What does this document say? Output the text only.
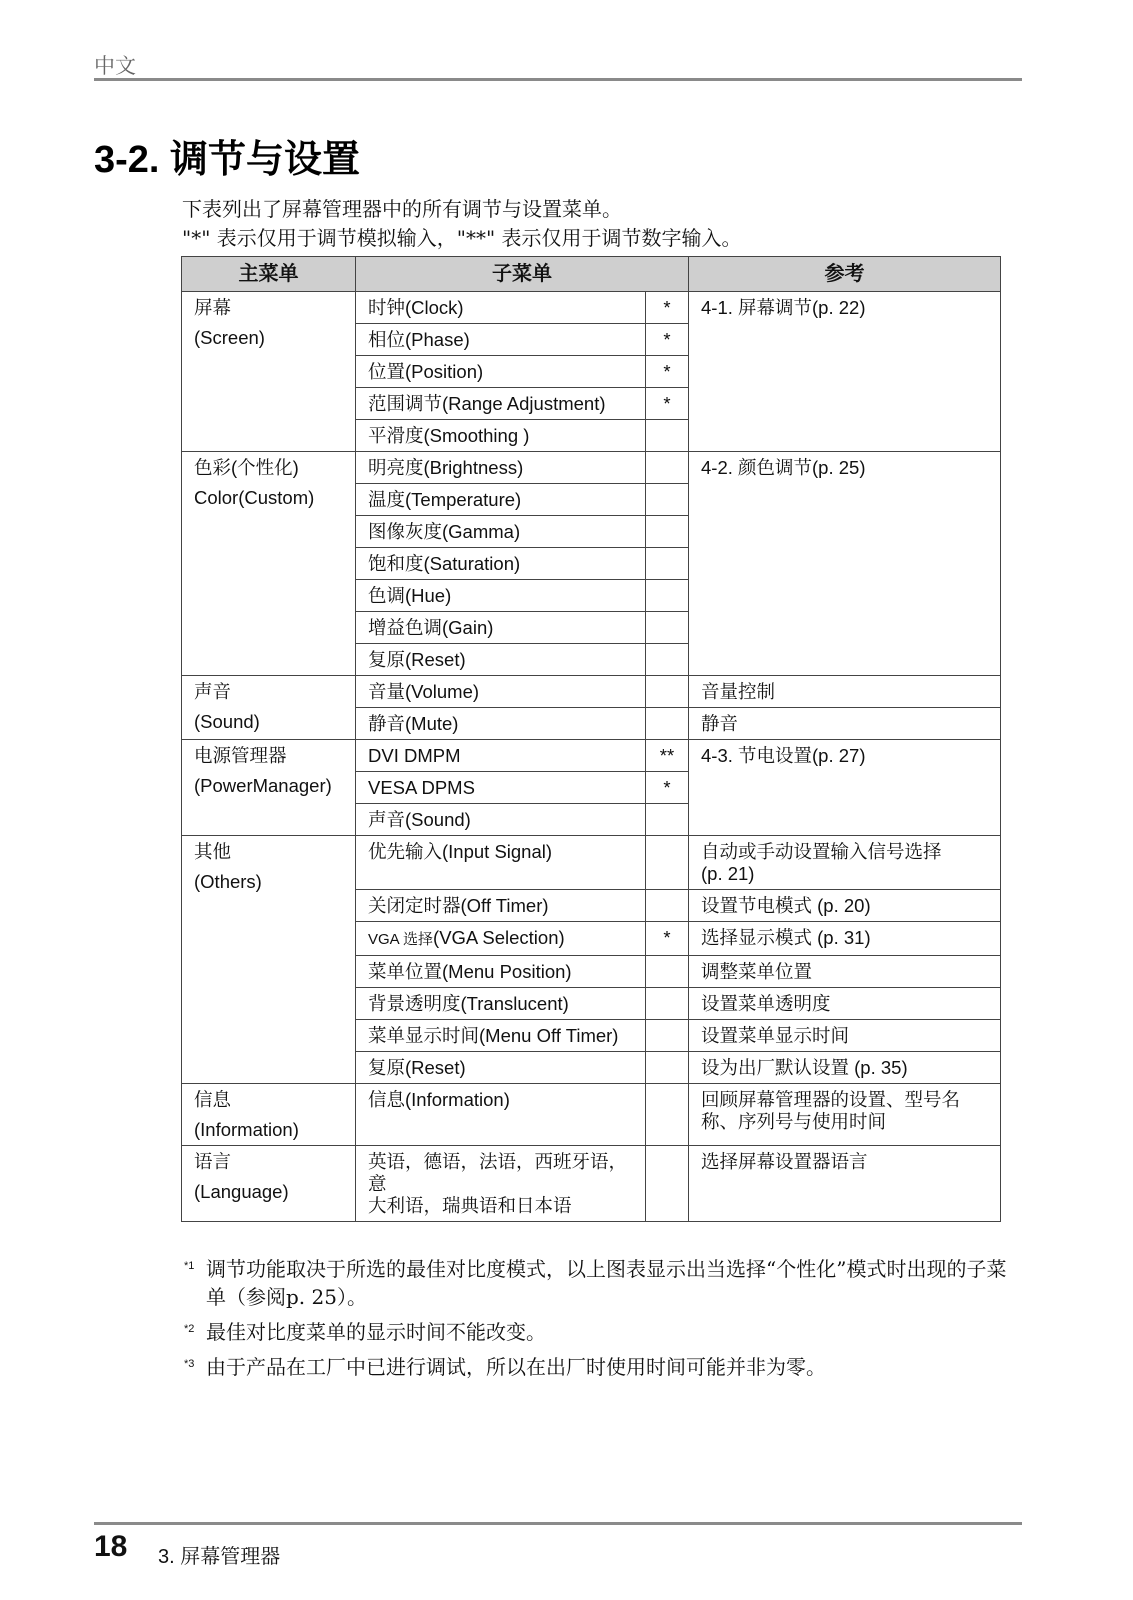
中文
3-2. 调节与设置
下表列出了屏幕管理器中的所有调节与设置菜单。
"*" 表示仅用于调节模拟输入，"**" 表示仅用于调节数字输入。
主菜单	子菜单		参考

屏幕
(Screen)	时钟(Clock)	*	4-1. 屏幕调节(p. 22)
	相位(Phase)	*	
	位置(Position)	*	
	范围调节(Range Adjustment)	*	
	平滑度(Smoothing )		

色彩(个性化)
Color(Custom)	明亮度(Brightness)		4-2. 颜色调节(p. 25)
	温度(Temperature)		
	图像灰度(Gamma)		
	饱和度(Saturation)		
	色调(Hue)		
	增益色调(Gain)		
	复原(Reset)		

声音
(Sound)	音量(Volume)		音量控制
	静音(Mute)		静音

电源管理器
(PowerManager)	DVI DMPM	**	4-3. 节电设置(p. 27)
	VESA DPMS	*	
	声音(Sound)		

其他
(Others)	优先输入(Input Signal)		自动或手动设置输入信号选择
(p. 21)
	关闭定时器(Off Timer)		设置节电模式 (p. 20)
	VGA 选择(VGA Selection)	*	选择显示模式 (p. 31)
	菜单位置(Menu Position)		调整菜单位置
	背景透明度(Translucent)		设置菜单透明度
	菜单显示时间(Menu Off Timer)		设置菜单显示时间
	复原(Reset)		设为出厂默认设置 (p. 35)

信息
(Information)	信息(Information)		回顾屏幕管理器的设置、型号名
称、序列号与使用时间

语言
(Language)	英语，德语，法语，西班牙语，意
大利语，瑞典语和日本语		选择屏幕设置器语言
*1 调节功能取决于所选的最佳对比度模式，以上图表显示出当选择“个性化”模式时出现的子菜单（参阅p. 25）。
*2 最佳对比度菜单的显示时间不能改变。
*3 由于产品在工厂中已进行调试，所以在出厂时使用时间可能并非为零。
18 3. 屏幕管理器
